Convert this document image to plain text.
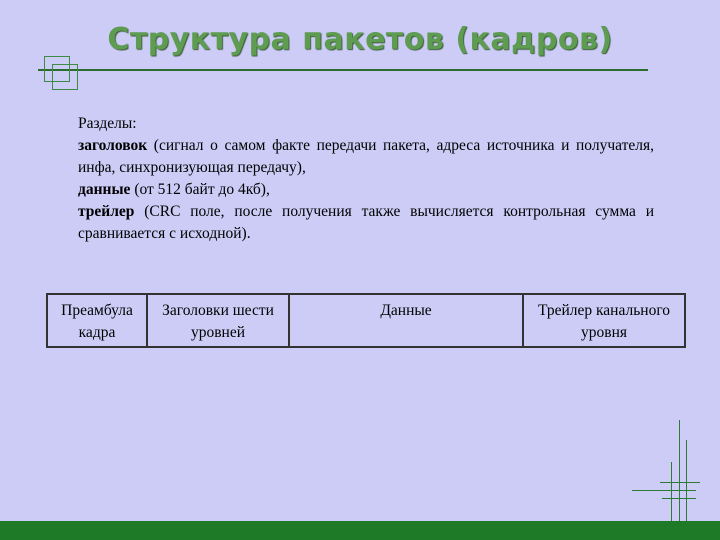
Структура пакетов (кадров)

Разделы:

заголовок (сигнал о самом факте передачи пакета, адреса источника и получателя, инфа, синхронизующая передачу),

данные (от 512 байт до 4кб),

трейлер (CRC поле, после получения также вычисляется контрольная сумма и сравнивается с исходной).

Преамбула кадра
Заголовки шести уровней
Данные	Трейлер канального уровня
